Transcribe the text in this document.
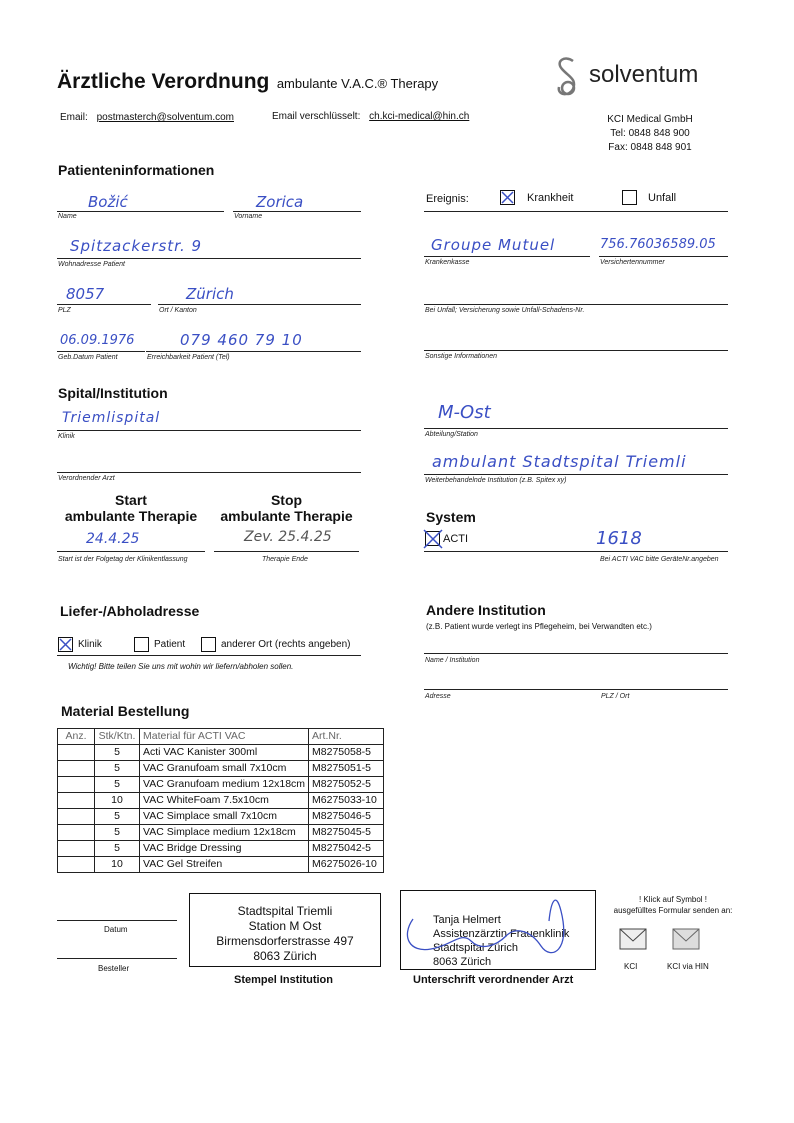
Ärztliche Verordnung ambulante V.A.C.® Therapy	solventum
Email: postmasterch@solventum.com	Email verschlüsselt: ch.kci-medical@hin.ch	KCI Medical GmbH
Tel: 0848 848 900
Fax: 0848 848 901
Patienteninformationen
Božić
Name
Zorica
Vorname
Spitzackerstr. 9
Wohnadresse Patient
8057
PLZ
Zürich
Ort / Kanton
06.09.1976
Geb.Datum Patient
079 460 79 10
Erreichbarkeit Patient (Tel)
Ereignis:	Krankheit	Unfall
Groupe Mutuel
Krankenkasse
756.76036589.05
Versichertennummer
Bei Unfall; Versicherung sowie Unfall-Schadens-Nr.
Sonstige Informationen
Spital/Institution
Triemlispital
Klinik
Verordnender Arzt
M-Ost
Abteilung/Station
ambulant Stadtspital Triemli
Weiterbehandelnde Institution (z.B. Spitex xy)
Start
ambulante Therapie
24.4.25
Start ist der Folgetag der Klinikentlassung
Stop
ambulante Therapie
Zev. 25.4.25
Therapie Ende
System
ACTI	1618
Bei ACTI VAC bitte GeräteNr.angeben
Liefer-/Abholadresse
Klinik	Patient	anderer Ort (rechts angeben)
Wichtig! Bitte teilen Sie uns mit wohin wir liefern/abholen sollen.
Andere Institution
(z.B. Patient wurde verlegt ins Pflegeheim, bei Verwandten etc.)
Name / Institution
Adresse	PLZ / Ort
Material Bestellung
Anz.	Stk/Ktn.	Material für ACTI VAC	Art.Nr.
	5	Acti VAC Kanister 300ml	M8275058-5
	5	VAC Granufoam small 7x10cm	M8275051-5
	5	VAC Granufoam medium 12x18cm	M8275052-5
	10	VAC WhiteFoam 7.5x10cm	M6275033-10
	5	VAC Simplace small 7x10cm	M8275046-5
	5	VAC Simplace medium 12x18cm	M8275045-5
	5	VAC Bridge Dressing	M8275042-5
	10	VAC Gel Streifen	M6275026-10
Datum
Besteller
Stadtspital Triemli
Station M Ost
Birmensdorferstrasse 497
8063 Zürich
Stempel Institution
Tanja Helmert
Assistenzärztin Frauenklinik
Stadtspital Zürich
8063 Zürich
Unterschrift verordnender Arzt
! Klick auf Symbol !
ausgefülltes Formular senden an:
KCI	KCI via HIN
